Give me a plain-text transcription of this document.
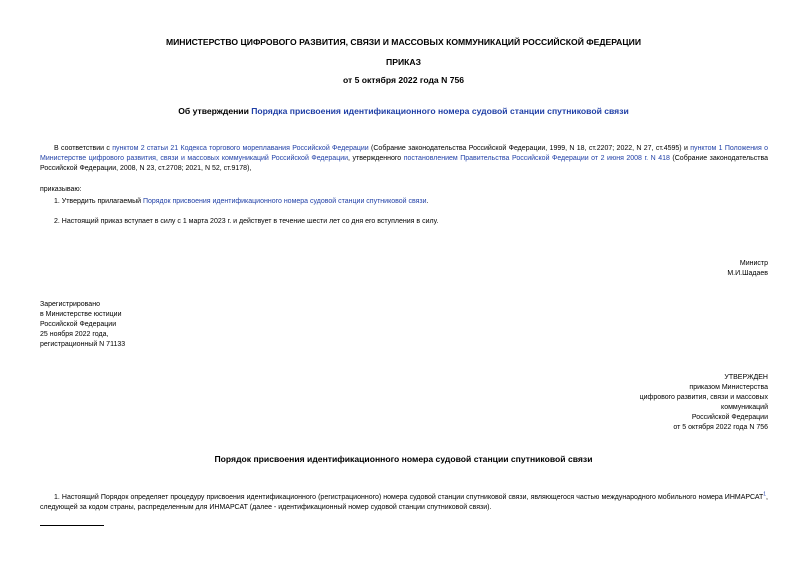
МИНИСТЕРСТВО ЦИФРОВОГО РАЗВИТИЯ, СВЯЗИ И МАССОВЫХ КОММУНИКАЦИЙ РОССИЙСКОЙ ФЕДЕРАЦИИ
ПРИКАЗ
от 5 октября 2022 года N 756
Об утверждении Порядка присвоения идентификационного номера судовой станции спутниковой связи
В соответствии с пунктом 2 статьи 21 Кодекса торгового мореплавания Российской Федерации (Собрание законодательства Российской Федерации, 1999, N 18, ст.2207; 2022, N 27, ст.4595) и пунктом 1 Положения о Министерстве цифрового развития, связи и массовых коммуникаций Российской Федерации, утвержденного постановлением Правительства Российской Федерации от 2 июня 2008 г. N 418 (Собрание законодательства Российской Федерации, 2008, N 23, ст.2708; 2021, N 52, ст.9178),
приказываю:
1. Утвердить прилагаемый Порядок присвоения идентификационного номера судовой станции спутниковой связи.
2. Настоящий приказ вступает в силу с 1 марта 2023 г. и действует в течение шести лет со дня его вступления в силу.
Министр
М.И.Шадаев
Зарегистрировано
в Министерстве юстиции
Российской Федерации
25 ноября 2022 года,
регистрационный N 71133
УТВЕРЖДЕН
приказом Министерства
цифрового развития, связи и массовых
коммуникаций
Российской Федерации
от 5 октября 2022 года N 756
Порядок присвоения идентификационного номера судовой станции спутниковой связи
1. Настоящий Порядок определяет процедуру присвоения идентификационного (регистрационного) номера судовой станции спутниковой связи, являющегося частью международного мобильного номера ИНМАРСАТ$^1$, следующей за кодом страны, распределенным для ИНМАРСАТ (далее - идентификационный номер судовой станции спутниковой связи).
